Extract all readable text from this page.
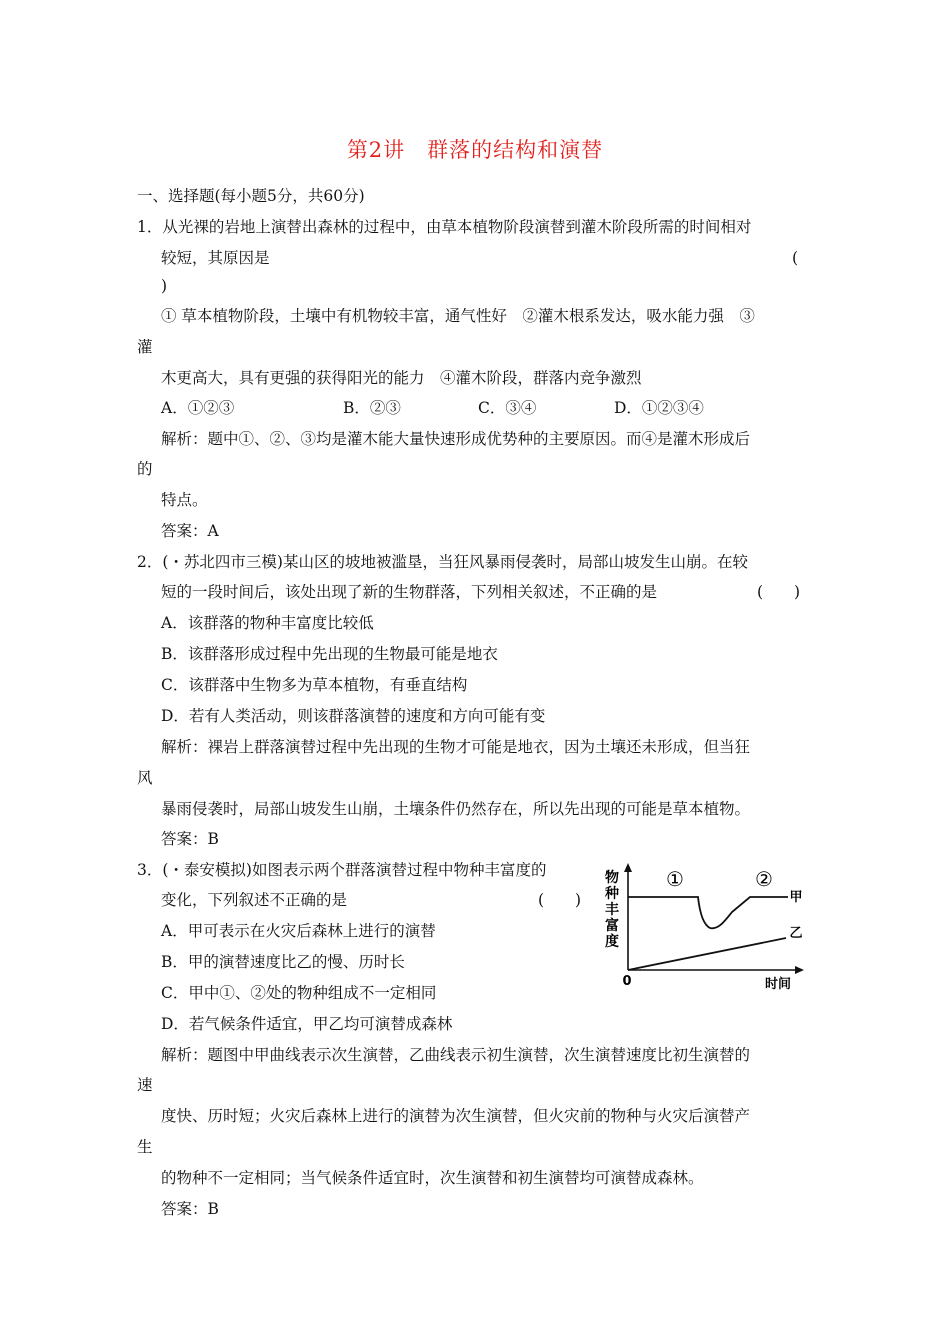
第2讲　群落的结构和演替
一、选择题(每小题5分，共60分)
1．从光裸的岩地上演替出森林的过程中，由草本植物阶段演替到灌木阶段所需的时间相对
较短，其原因是	(
)
① 草本植物阶段，土壤中有机物较丰富，通气性好　②灌木根系发达，吸水能力强　③
灌
木更高大，具有更强的获得阳光的能力　④灌木阶段，群落内竞争激烈
A．①②③	B．②③	C．③④	D．①②③④
解析：题中①、②、③均是灌木能大量快速形成优势种的主要原因。而④是灌木形成后
的
特点。
答案：A
2．(・苏北四市三模)某山区的坡地被滥垦，当狂风暴雨侵袭时，局部山坡发生山崩。在较
短的一段时间后，该处出现了新的生物群落，下列相关叙述，不正确的是	(　　)
A．该群落的物种丰富度比较低
B．该群落形成过程中先出现的生物最可能是地衣
C．该群落中生物多为草本植物，有垂直结构
D．若有人类活动，则该群落演替的速度和方向可能有变
解析：裸岩上群落演替过程中先出现的生物才可能是地衣，因为土壤还未形成，但当狂
风
暴雨侵袭时，局部山坡发生山崩，土壤条件仍然存在，所以先出现的可能是草本植物。
答案：B
3．(・泰安模拟)如图表示两个群落演替过程中物种丰富度的
变化，下列叙述不正确的是	(　　)
A．甲可表示在火灾后森林上进行的演替
B．甲的演替速度比乙的慢、历时长
C．甲中①、②处的物种组成不一定相同
D．若气候条件适宜，甲乙均可演替成森林
解析：题图中甲曲线表示次生演替，乙曲线表示初生演替，次生演替速度比初生演替的
速
度快、历时短；火灾后森林上进行的演替为次生演替，但火灾前的物种与火灾后演替产
生
的物种不一定相同；当气候条件适宜时，次生演替和初生演替均可演替成森林。
答案：B
物
种
丰
富
度
0	时间
①	②
甲
乙
